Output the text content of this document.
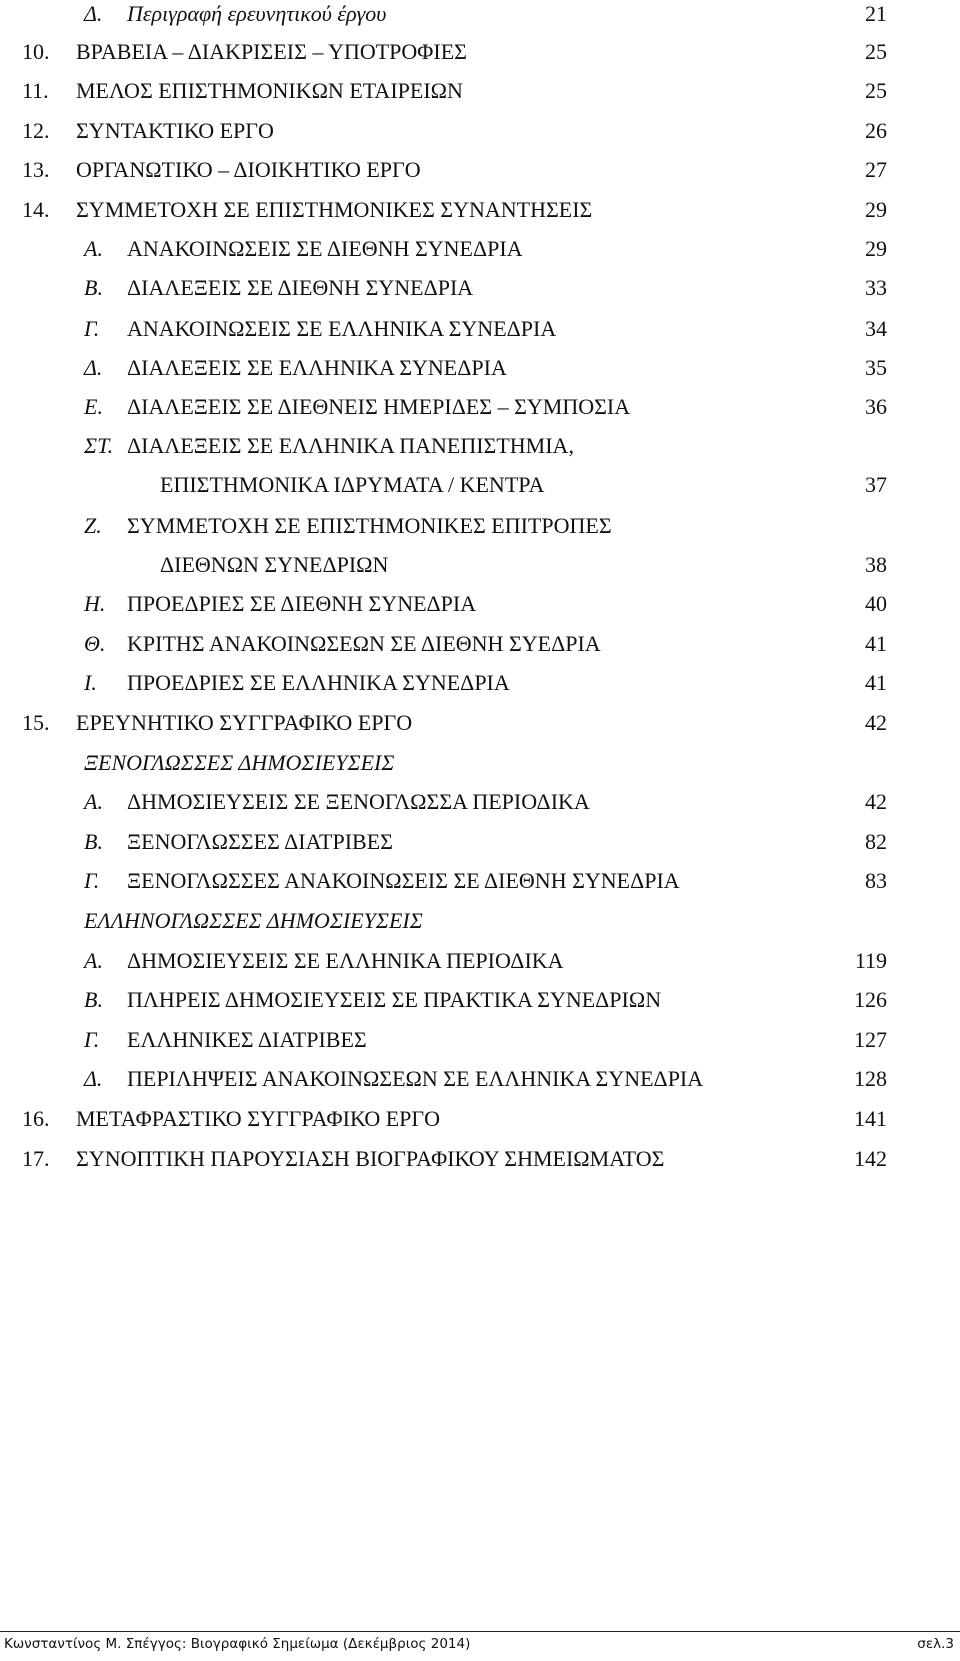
Δ. Περιγραφή ερευνητικού έργου	21
10. ΒΡΑΒΕΙΑ – ΔΙΑΚΡΙΣΕΙΣ – ΥΠΟΤΡΟΦΙΕΣ	25
11. ΜΕΛΟΣ ΕΠΙΣΤΗΜΟΝΙΚΩΝ ΕΤΑΙΡΕΙΩΝ	25
12. ΣΥΝΤΑΚΤΙΚΟ ΕΡΓΟ	26
13. ΟΡΓΑΝΩΤΙΚΟ – ΔΙΟΙΚΗΤΙΚΟ ΕΡΓΟ	27
14. ΣΥΜΜΕΤΟΧΗ ΣΕ ΕΠΙΣΤΗΜΟΝΙΚΕΣ ΣΥΝΑΝΤΗΣΕΙΣ	29
Α. ΑΝΑΚΟΙΝΩΣΕΙΣ ΣΕ ΔΙΕΘΝΗ ΣΥΝΕΔΡΙΑ	29
Β. ΔΙΑΛΕΞΕΙΣ ΣΕ ΔΙΕΘΝΗ ΣΥΝΕΔΡΙΑ	33
Γ. ΑΝΑΚΟΙΝΩΣΕΙΣ ΣΕ ΕΛΛΗΝΙΚΑ ΣΥΝΕΔΡΙΑ	34
Δ. ΔΙΑΛΕΞΕΙΣ ΣΕ ΕΛΛΗΝΙΚΑ ΣΥΝΕΔΡΙΑ	35
Ε. ΔΙΑΛΕΞΕΙΣ ΣΕ ΔΙΕΘΝΕΙΣ ΗΜΕΡΙΔΕΣ – ΣΥΜΠΟΣΙΑ	36
ΣΤ. ΔΙΑΛΕΞΕΙΣ ΣΕ ΕΛΛΗΝΙΚΑ ΠΑΝΕΠΙΣΤΗΜΙΑ,
ΕΠΙΣΤΗΜΟΝΙΚΑ ΙΔΡΥΜΑΤΑ / ΚΕΝΤΡΑ	37
Ζ. ΣΥΜΜΕΤΟΧΗ ΣΕ ΕΠΙΣΤΗΜΟΝΙΚΕΣ ΕΠΙΤΡΟΠΕΣ
ΔΙΕΘΝΩΝ ΣΥΝΕΔΡΙΩΝ	38
Η. ΠΡΟΕΔΡΙΕΣ ΣΕ ΔΙΕΘΝΗ ΣΥΝΕΔΡΙΑ	40
Θ. ΚΡΙΤΗΣ ΑΝΑΚΟΙΝΩΣΕΩΝ ΣΕ ΔΙΕΘΝΗ ΣΥΕΔΡΙΑ	41
Ι. ΠΡΟΕΔΡΙΕΣ ΣΕ ΕΛΛΗΝΙΚΑ ΣΥΝΕΔΡΙΑ	41
15. ΕΡΕΥΝΗΤΙΚΟ ΣΥΓΓΡΑΦΙΚΟ ΕΡΓΟ	42
ΞΕΝΟΓΛΩΣΣΕΣ ΔΗΜΟΣΙΕΥΣΕΙΣ
Α. ΔΗΜΟΣΙΕΥΣΕΙΣ ΣΕ ΞΕΝΟΓΛΩΣΣΑ ΠΕΡΙΟΔΙΚΑ	42
Β. ΞΕΝΟΓΛΩΣΣΕΣ ΔΙΑΤΡΙΒΕΣ	82
Γ. ΞΕΝΟΓΛΩΣΣΕΣ ΑΝΑΚΟΙΝΩΣΕΙΣ ΣΕ ΔΙΕΘΝΗ ΣΥΝΕΔΡΙΑ	83
ΕΛΛΗΝΟΓΛΩΣΣΕΣ ΔΗΜΟΣΙΕΥΣΕΙΣ
Α. ΔΗΜΟΣΙΕΥΣΕΙΣ ΣΕ ΕΛΛΗΝΙΚΑ ΠΕΡΙΟΔΙΚΑ	119
Β. ΠΛΗΡΕΙΣ ΔΗΜΟΣΙΕΥΣΕΙΣ ΣΕ ΠΡΑΚΤΙΚΑ ΣΥΝΕΔΡΙΩΝ	126
Γ. ΕΛΛΗΝΙΚΕΣ ΔΙΑΤΡΙΒΕΣ	127
Δ. ΠΕΡΙΛΗΨΕΙΣ ΑΝΑΚΟΙΝΩΣΕΩΝ ΣΕ ΕΛΛΗΝΙΚΑ ΣΥΝΕΔΡΙΑ	128
16. ΜΕΤΑΦΡΑΣΤΙΚΟ ΣΥΓΓΡΑΦΙΚΟ ΕΡΓΟ	141
17. ΣΥΝΟΠΤΙΚΗ ΠΑΡΟΥΣΙΑΣΗ ΒΙΟΓΡΑΦΙΚΟΥ ΣΗΜΕΙΩΜΑΤΟΣ	142
Κωνσταντίνος Μ. Σπέγγος: Βιογραφικό Σημείωμα (Δεκέμβριος 2014)	σελ.3
